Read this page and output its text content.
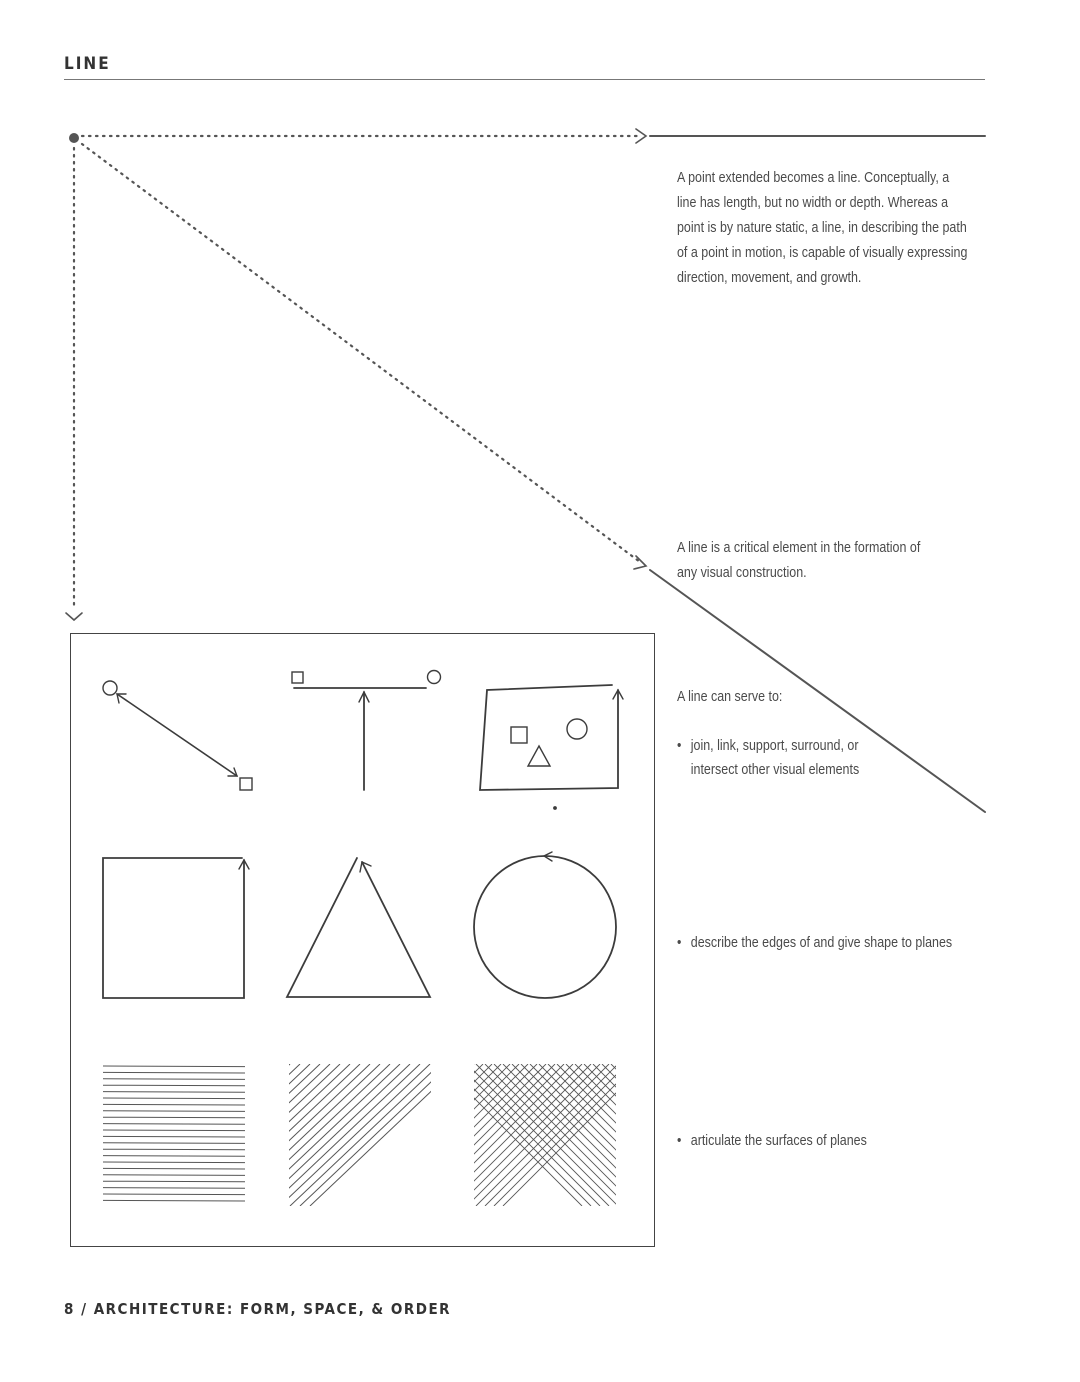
LINE

A point extended becomes a line. Conceptually, a line has length, but no width or depth. Whereas a point is by nature static, a line, in describing the path of a point in motion, is capable of visually expressing direction, movement, and growth.

A line is a critical element in the formation of any visual construction.

A line can serve to:

• join, link, support, surround, or intersect other visual elements
• describe the edges of and give shape to planes
• articulate the surfaces of planes
8 / ARCHITECTURE: FORM, SPACE, & ORDER
